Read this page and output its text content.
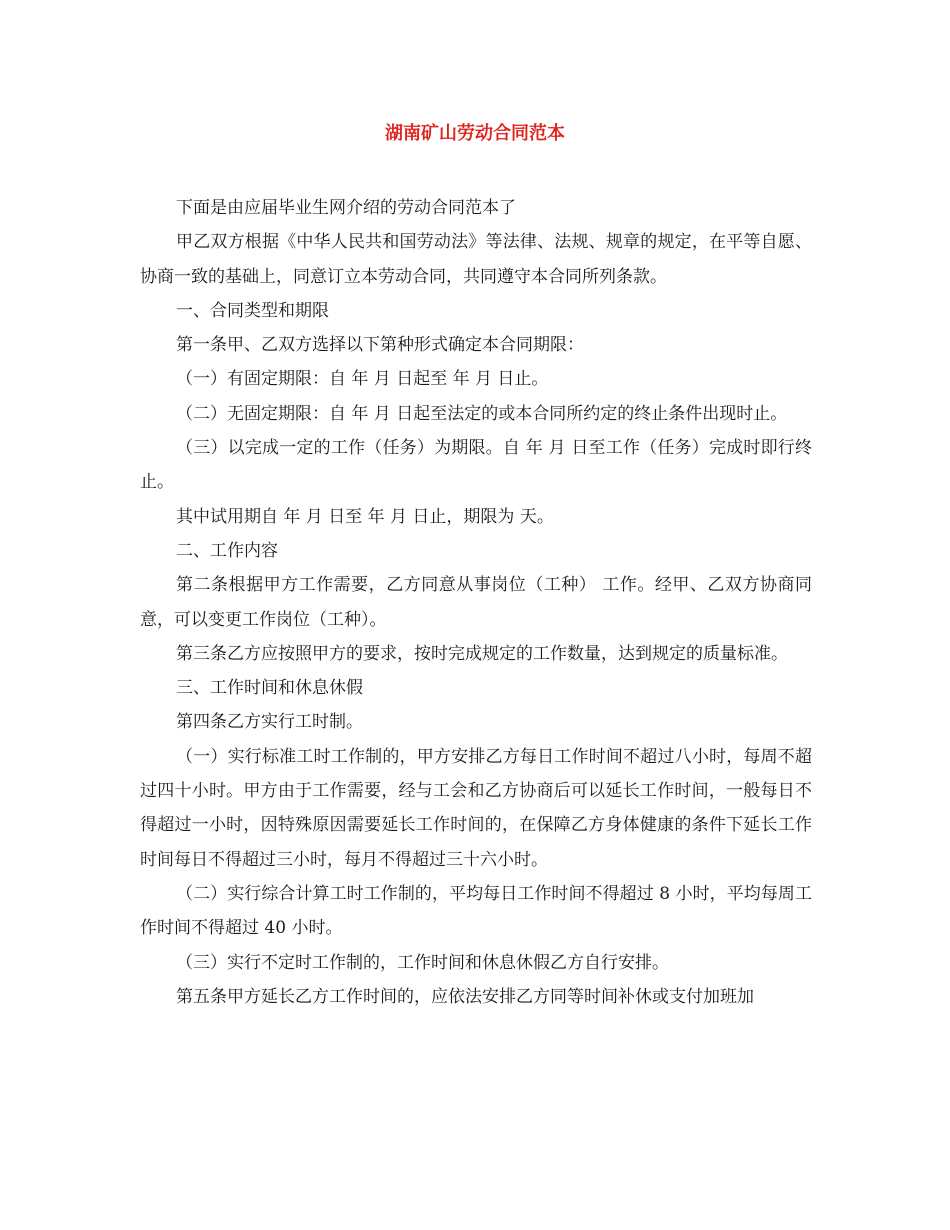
湖南矿山劳动合同范本

下面是由应届毕业生网介绍的劳动合同范本了

甲乙双方根据《中华人民共和国劳动法》等法律、法规、规章的规定，在平等自愿、协商一致的基础上，同意订立本劳动合同，共同遵守本合同所列条款。

一、合同类型和期限

第一条甲、乙双方选择以下第种形式确定本合同期限：

（一）有固定期限：自 年 月 日起至 年 月 日止。

（二）无固定期限：自 年 月 日起至法定的或本合同所约定的终止条件出现时止。

（三）以完成一定的工作（任务）为期限。自 年 月 日至工作（任务）完成时即行终止。

其中试用期自 年 月 日至 年 月 日止，期限为 天。

二、工作内容

第二条根据甲方工作需要，乙方同意从事岗位（工种） 工作。经甲、乙双方协商同意，可以变更工作岗位（工种）。

第三条乙方应按照甲方的要求，按时完成规定的工作数量，达到规定的质量标准。

三、工作时间和休息休假

第四条乙方实行工时制。

（一）实行标准工时工作制的，甲方安排乙方每日工作时间不超过八小时，每周不超过四十小时。甲方由于工作需要，经与工会和乙方协商后可以延长工作时间，一般每日不得超过一小时，因特殊原因需要延长工作时间的，在保障乙方身体健康的条件下延长工作时间每日不得超过三小时，每月不得超过三十六小时。

（二）实行综合计算工时工作制的，平均每日工作时间不得超过 8 小时，平均每周工作时间不得超过 40 小时。

（三）实行不定时工作制的，工作时间和休息休假乙方自行安排。

第五条甲方延长乙方工作时间的，应依法安排乙方同等时间补休或支付加班加
